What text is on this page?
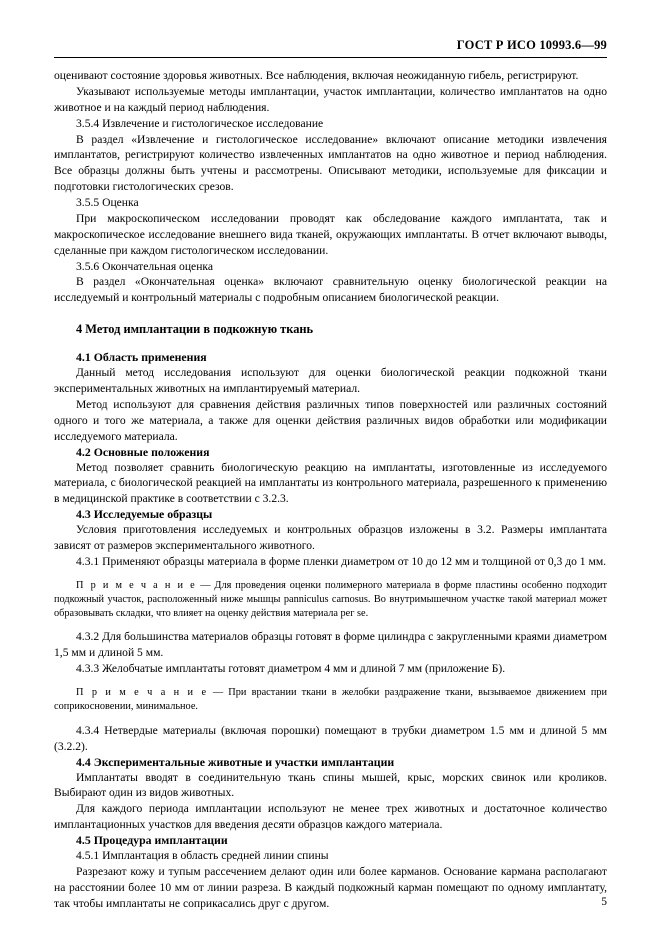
ГОСТ Р ИСО 10993.6—99

оценивают состояние здоровья животных. Все наблюдения, включая неожиданную гибель, регистрируют.

Указывают используемые методы имплантации, участок имплантации, количество имплантатов на одно животное и на каждый период наблюдения.

3.5.4 Извлечение и гистологическое исследование

В раздел «Извлечение и гистологическое исследование» включают описание методики извлечения имплантатов, регистрируют количество извлеченных имплантатов на одно животное и период наблюдения. Все образцы должны быть учтены и рассмотрены. Описывают методики, используемые для фиксации и подготовки гистологических срезов.

3.5.5 Оценка

При макроскопическом исследовании проводят как обследование каждого имплантата, так и макроскопическое исследование внешнего вида тканей, окружающих имплантаты. В отчет включают выводы, сделанные при каждом гистологическом исследовании.

3.5.6 Окончательная оценка

В раздел «Окончательная оценка» включают сравнительную оценку биологической реакции на исследуемый и контрольный материалы с подробным описанием биологической реакции.

4 Метод имплантации в подкожную ткань
4.1 Область применения

Данный метод исследования используют для оценки биологической реакции подкожной ткани экспериментальных животных на имплантируемый материал.

Метод используют для сравнения действия различных типов поверхностей или различных состояний одного и того же материала, а также для оценки действия различных видов обработки или модификации исследуемого материала.

4.2 Основные положения

Метод позволяет сравнить биологическую реакцию на имплантаты, изготовленные из исследуемого материала, с биологической реакцией на имплантаты из контрольного материала, разрешенного к применению в медицинской практике в соответствии с 3.2.3.

4.3 Исследуемые образцы

Условия приготовления исследуемых и контрольных образцов изложены в 3.2. Размеры имплантата зависят от размеров экспериментального животного.

4.3.1 Применяют образцы материала в форме пленки диаметром от 10 до 12 мм и толщиной от 0,3 до 1 мм.

П р и м е ч а н и е — Для проведения оценки полимерного материала в форме пластины особенно подходит подкожный участок, расположенный ниже мышцы panniculus carnosus. Во внутримышечном участке такой материал может образовывать складки, что влияет на оценку действия материала рег se.

4.3.2 Для большинства материалов образцы готовят в форме цилиндра с закругленными краями диаметром 1,5 мм и длиной 5 мм.

4.3.3 Желобчатые имплантаты готовят диаметром 4 мм и длиной 7 мм (приложение Б).

П р и м е ч а н и е — При врастании ткани в желобки раздражение ткани, вызываемое движением при соприкосновении, минимальное.

4.3.4 Нетвердые материалы (включая порошки) помещают в трубки диаметром 1.5 мм и длиной 5 мм (3.2.2).

4.4 Экспериментальные животные и участки имплантации

Имплантаты вводят в соединительную ткань спины мышей, крыс, морских свинок или кроликов. Выбирают один из видов животных.

Для каждого периода имплантации используют не менее трех животных и достаточное количество имплантационных участков для введения десяти образцов каждого материала.

4.5 Процедура имплантации

4.5.1 Имплантация в область средней линии спины

Разрезают кожу и тупым рассечением делают один или более карманов. Основание кармана располагают на расстоянии более 10 мм от линии разреза. В каждый подкожный карман помещают по одному имплантату, так чтобы имплантаты не соприкасались друг с другом.	5
